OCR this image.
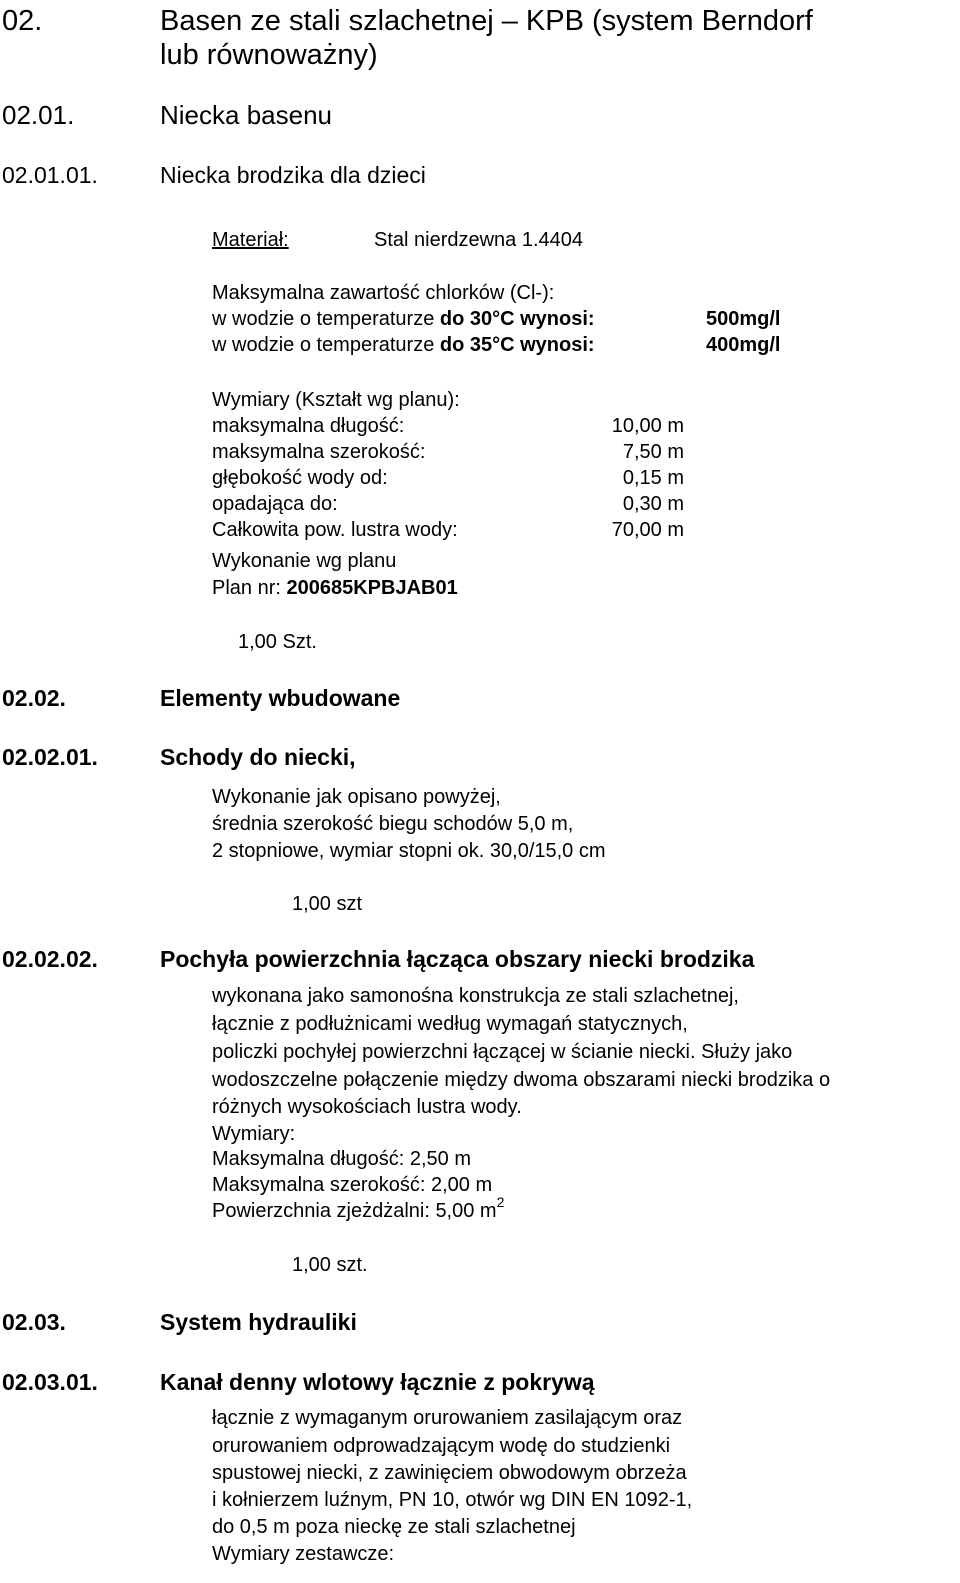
02.	Basen ze stali szlachetnej – KPB (system Berndorf
lub równoważny)
02.01.	Niecka basenu
02.01.01.	Niecka brodzika dla dzieci
Materiał:	Stal nierdzewna 1.4404
Maksymalna zawartość chlorków (Cl-):
w wodzie o temperaturze do 30°C wynosi:	500mg/l
w wodzie o temperaturze do 35°C wynosi:	400mg/l
Wymiary (Kształt wg planu):
maksymalna długość:	10,00 m
maksymalna szerokość:	7,50 m
głębokość wody od:	0,15 m
opadająca do:	0,30 m
Całkowita pow. lustra wody:	70,00 m
Wykonanie wg planu
Plan nr: 200685KPBJAB01
1,00 Szt.
02.02.	Elementy wbudowane
02.02.01.	Schody do niecki,
Wykonanie jak opisano powyżej,
średnia szerokość biegu schodów 5,0 m,
2 stopniowe, wymiar stopni ok. 30,0/15,0 cm
1,00 szt
02.02.02.	Pochyła powierzchnia łącząca obszary niecki brodzika
wykonana jako samonośna konstrukcja ze stali szlachetnej,
łącznie z podłużnicami według wymagań statycznych,
policzki pochyłej powierzchni łączącej w ścianie niecki. Służy jako
wodoszczelne połączenie między dwoma obszarami niecki brodzika o
różnych wysokościach lustra wody.
Wymiary:
Maksymalna długość: 2,50 m
Maksymalna szerokość: 2,00 m
Powierzchnia zjeżdżalni: 5,00 $m^2$
1,00 szt.
02.03.	System hydrauliki
02.03.01.	Kanał denny wlotowy łącznie z pokrywą
łącznie z wymaganym orurowaniem zasilającym oraz
orurowaniem odprowadzającym wodę do studzienki
spustowej niecki, z zawinięciem obwodowym obrzeża
i kołnierzem luźnym, PN 10, otwór wg DIN EN 1092-1,
do 0,5 m poza nieckę ze stali szlachetnej
Wymiary zestawcze:
